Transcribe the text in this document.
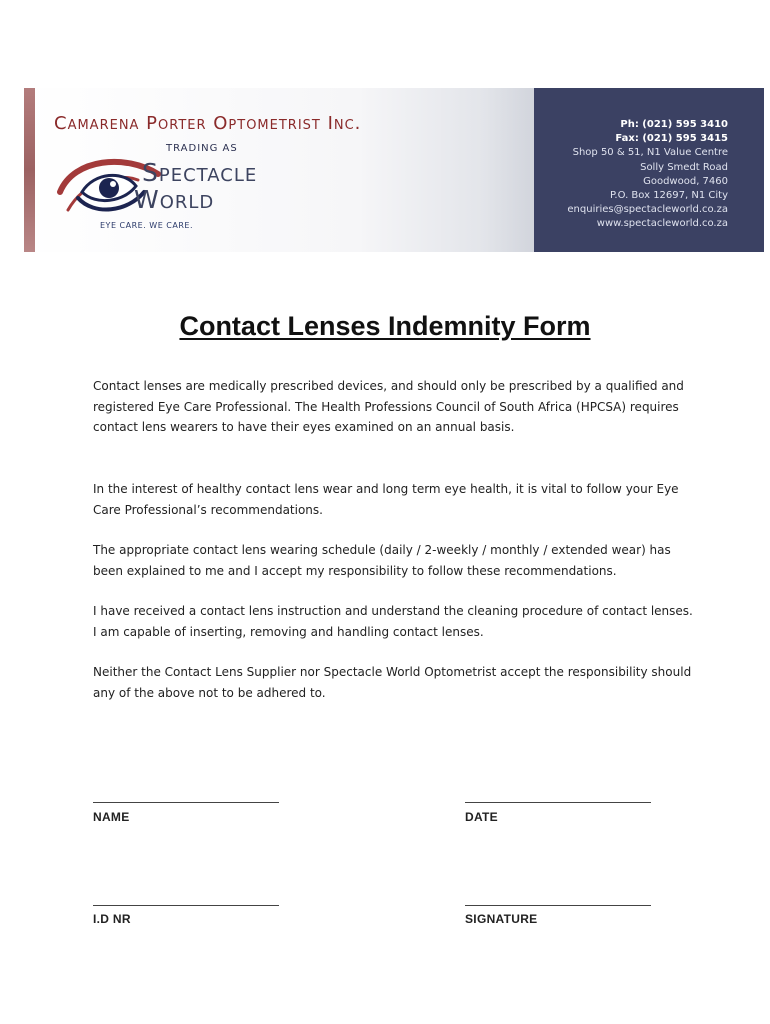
Camarena Porter Optometrist Inc.
TRADING AS
Spectacle
World
EYE CARE. WE CARE.
Ph: (021) 595 3410
Fax: (021) 595 3415
Shop 50 & 51, N1 Value Centre
Solly Smedt Road
Goodwood, 7460
P.O. Box 12697, N1 City
enquiries@spectacleworld.co.za
www.spectacleworld.co.za
Contact Lenses Indemnity Form

Contact lenses are medically prescribed devices, and should only be prescribed by a qualified and registered Eye Care Professional. The Health Professions Council of South Africa (HPCSA) requires contact lens wearers to have their eyes examined on an annual basis.

In the interest of healthy contact lens wear and long term eye health, it is vital to follow your Eye Care Professional’s recommendations.

The appropriate contact lens wearing schedule (daily / 2-weekly / monthly / extended wear) has been explained to me and I accept my responsibility to follow these recommendations.

I have received a contact lens instruction and understand the cleaning procedure of contact lenses. I am capable of inserting, removing and handling contact lenses.

Neither the Contact Lens Supplier nor Spectacle World Optometrist accept the responsibility should any of the above not to be adhered to.

NAME	DATE
I.D NR	SIGNATURE
